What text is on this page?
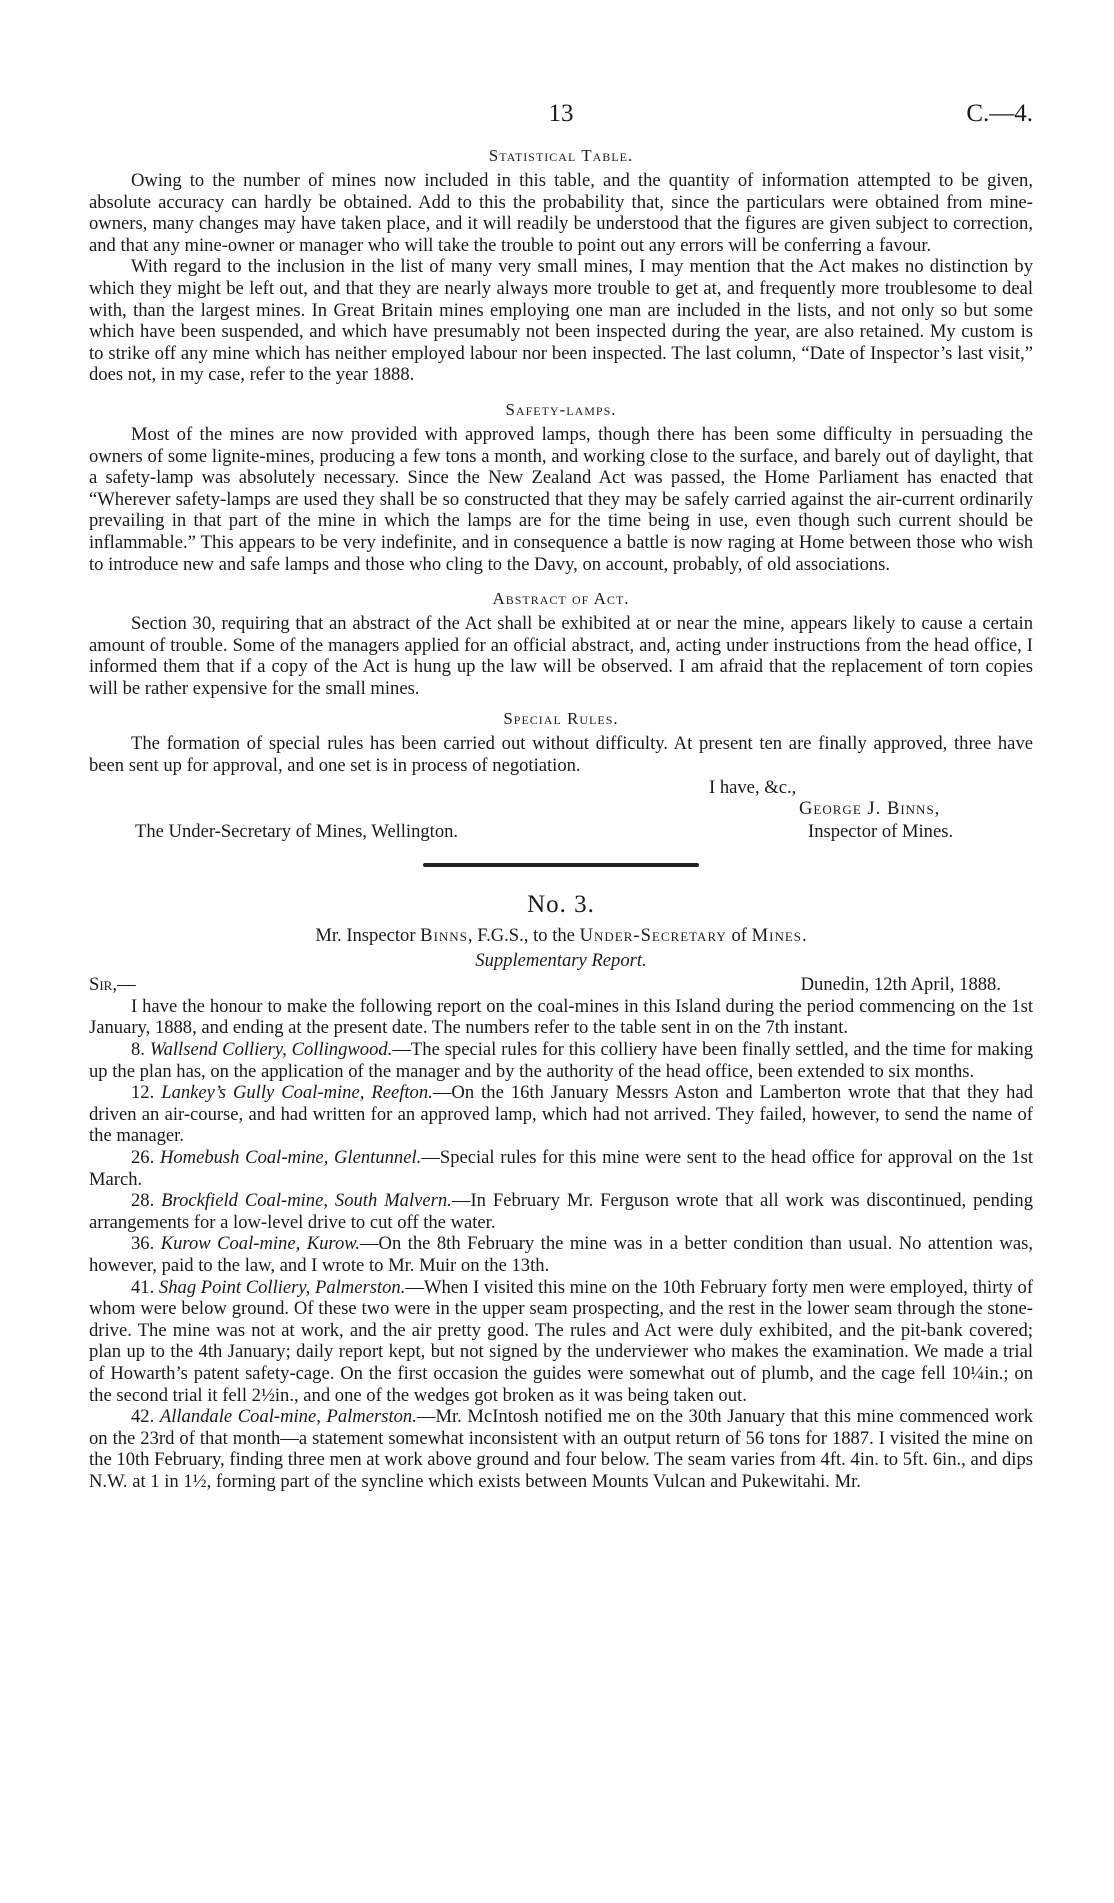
13	C.—4.
Statistical Table.

Owing to the number of mines now included in this table, and the quantity of information attempted to be given, absolute accuracy can hardly be obtained. Add to this the probability that, since the particulars were obtained from mine-owners, many changes may have taken place, and it will readily be understood that the figures are given subject to correction, and that any mine-owner or manager who will take the trouble to point out any errors will be conferring a favour.

With regard to the inclusion in the list of many very small mines, I may mention that the Act makes no distinction by which they might be left out, and that they are nearly always more trouble to get at, and frequently more troublesome to deal with, than the largest mines. In Great Britain mines employing one man are included in the lists, and not only so but some which have been suspended, and which have presumably not been inspected during the year, are also retained. My custom is to strike off any mine which has neither employed labour nor been inspected. The last column, “Date of Inspector’s last visit,” does not, in my case, refer to the year 1888.

Safety-lamps.

Most of the mines are now provided with approved lamps, though there has been some difficulty in persuading the owners of some lignite-mines, producing a few tons a month, and working close to the surface, and barely out of daylight, that a safety-lamp was absolutely necessary. Since the New Zealand Act was passed, the Home Parliament has enacted that “Wherever safety-lamps are used they shall be so constructed that they may be safely carried against the air-current ordinarily prevailing in that part of the mine in which the lamps are for the time being in use, even though such current should be inflammable.” This appears to be very indefinite, and in consequence a battle is now raging at Home between those who wish to introduce new and safe lamps and those who cling to the Davy, on account, probably, of old associations.

Abstract of Act.

Section 30, requiring that an abstract of the Act shall be exhibited at or near the mine, appears likely to cause a certain amount of trouble. Some of the managers applied for an official abstract, and, acting under instructions from the head office, I informed them that if a copy of the Act is hung up the law will be observed. I am afraid that the replacement of torn copies will be rather expensive for the small mines.

Special Rules.

The formation of special rules has been carried out without difficulty. At present ten are finally approved, three have been sent up for approval, and one set is in process of negotiation.

I have, &c.,
George J. Binns,
The Under-Secretary of Mines, Wellington.	Inspector of Mines.
No. 3.
Mr. Inspector Binns, F.G.S., to the Under-Secretary of Mines.
Supplementary Report.
Sir,—	Dunedin, 12th April, 1888.

I have the honour to make the following report on the coal-mines in this Island during the period commencing on the 1st January, 1888, and ending at the present date. The numbers refer to the table sent in on the 7th instant.

8. Wallsend Colliery, Collingwood.—The special rules for this colliery have been finally settled, and the time for making up the plan has, on the application of the manager and by the authority of the head office, been extended to six months.

12. Lankey’s Gully Coal-mine, Reefton.—On the 16th January Messrs Aston and Lamberton wrote that that they had driven an air-course, and had written for an approved lamp, which had not arrived. They failed, however, to send the name of the manager.

26. Homebush Coal-mine, Glentunnel.—Special rules for this mine were sent to the head office for approval on the 1st March.

28. Brockfield Coal-mine, South Malvern.—In February Mr. Ferguson wrote that all work was discontinued, pending arrangements for a low-level drive to cut off the water.

36. Kurow Coal-mine, Kurow.—On the 8th February the mine was in a better condition than usual. No attention was, however, paid to the law, and I wrote to Mr. Muir on the 13th.

41. Shag Point Colliery, Palmerston.—When I visited this mine on the 10th February forty men were employed, thirty of whom were below ground. Of these two were in the upper seam prospecting, and the rest in the lower seam through the stone-drive. The mine was not at work, and the air pretty good. The rules and Act were duly exhibited, and the pit-bank covered; plan up to the 4th January; daily report kept, but not signed by the underviewer who makes the examination. We made a trial of Howarth’s patent safety-cage. On the first occasion the guides were somewhat out of plumb, and the cage fell 10¼in.; on the second trial it fell 2½in., and one of the wedges got broken as it was being taken out.

42. Allandale Coal-mine, Palmerston.—Mr. McIntosh notified me on the 30th January that this mine commenced work on the 23rd of that month—a statement somewhat inconsistent with an output return of 56 tons for 1887. I visited the mine on the 10th February, finding three men at work above ground and four below. The seam varies from 4ft. 4in. to 5ft. 6in., and dips N.W. at 1 in 1½, forming part of the syncline which exists between Mounts Vulcan and Pukewitahi. Mr.
